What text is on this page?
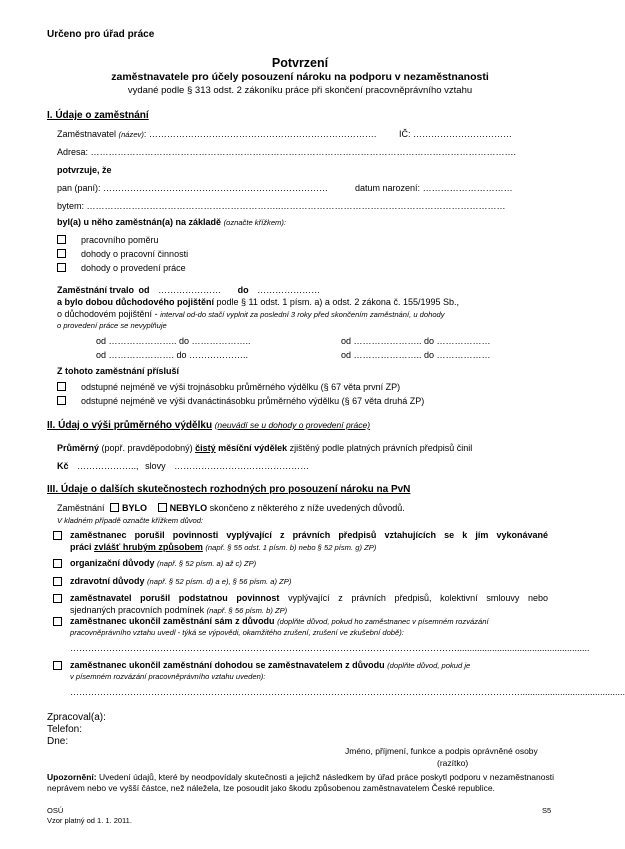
Určeno pro úřad práce
Potvrzení
zaměstnavatele pro účely posouzení nároku na podporu v nezaměstnanosti
vydané podle § 313 odst. 2 zákoníku práce při skončení pracovněprávního vztahu
I. Údaje o zaměstnání
Zaměstnavatel (název): ………………………………………………………………….	IČ: ……………………………
Adresa: …………………………………………………………………………………………………………………………….
potvrzuje, že
pan (paní): …………………………………………………………………	datum narození: …………………………
bytem: ………………………………………………………..…………………………………………………………………
byl(a) u něho zaměstnán(a) na základě (označte křížkem):
pracovního poměru
dohody o pracovní činnosti
dohody o provedení práce
Zaměstnání trvalo od ………………… do …………………
a bylo dobou důchodového pojištění podle § 11 odst. 1 písm. a) a odst. 2 zákona č. 155/1995 Sb.,
o důchodovém pojištění - interval od-do stačí vyplnit za poslední 3 roky před skončením zaměstnání, u dohody
o provedení práce se nevyplňuje
od ………………….. do ………………..	od ………………….. do ………………
od …………………. do ………………..	od ………………….. do ………………
Z tohoto zaměstnání přísluší
odstupné nejméně ve výši trojnásobku průměrného výdělku (§ 67 věta první ZP)
odstupné nejméně ve výši dvanáctinásobku průměrného výdělku (§ 67 věta druhá ZP)
II. Údaj o výši průměrného výdělku (neuvádí se u dohody o provedení práce)
Průměrný (popř. pravděpodobný) čistý měsíční výdělek zjištěný podle platných právních předpisů činil
Kč ……………….., slovy ………………………………………
III. Údaje o dalších skutečnostech rozhodných pro posouzení nároku na PvN
Zaměstnání BYLO	NEBYLO skončeno z některého z níže uvedených důvodů.
V kladném případě označte křížkem důvod:
zaměstnanec porušil povinnosti vyplývající z právních předpisů vztahujících se k jím vykonávané
práci zvlášť hrubým způsobem (např. § 55 odst. 1 písm. b) nebo § 52 písm. g) ZP)
organizační důvody (např. § 52 písm. a) až c) ZP)
zdravotní důvody (např. § 52 písm. d) a e), § 56 písm. a) ZP)
zaměstnavatel porušil podstatnou povinnost vyplývající z právních předpisů, kolektivní smlouvy nebo
sjednaných pracovních podmínek (např. § 56 písm. b) ZP)
zaměstnanec ukončil zaměstnání sám z důvodu (doplňte důvod, pokud ho zaměstnanec v písemném rozvázání
pracovněprávního vztahu uvedl - týká se výpovědi, okamžitého zrušení, zrušení ve zkušební době):
………………………………………………………………………………………………………………….....................................................
zaměstnanec ukončil zaměstnání dohodou se zaměstnavatelem z důvodu (doplňte důvod, pokud je
v písemném rozvázání pracovněprávního vztahu uveden):
……………………………………………………………………………………………………………………………………..........................................
Zpracoval(a):
Telefon:
Dne:
Jméno, příjmení, funkce a podpis oprávněné osoby
(razítko)
Upozornění: Uvedení údajů, které by neodpovídaly skutečnosti a jejichž následkem by úřad práce poskytl podporu v nezaměstnanosti neprávem nebo ve vyšší částce, než náležela, lze posoudit jako škodu způsobenou zaměstnavatelem České republice.
OSÚ
Vzor platný od 1. 1. 2011.
S5
